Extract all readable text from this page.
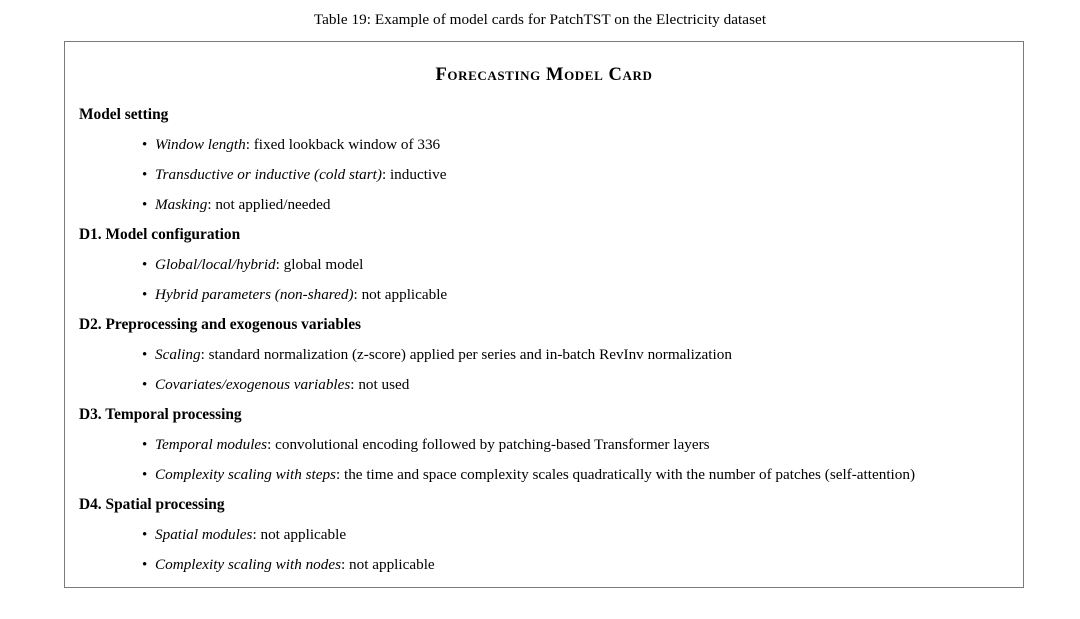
Table 19: Example of model cards for PatchTST on the Electricity dataset
Forecasting Model Card
Model setting
• Window length: fixed lookback window of 336
• Transductive or inductive (cold start): inductive
• Masking: not applied/needed
D1. Model configuration
• Global/local/hybrid: global model
• Hybrid parameters (non-shared): not applicable
D2. Preprocessing and exogenous variables
• Scaling: standard normalization (z-score) applied per series and in-batch RevInv normalization
• Covariates/exogenous variables: not used
D3. Temporal processing
• Temporal modules: convolutional encoding followed by patching-based Transformer layers
• Complexity scaling with steps: the time and space complexity scales quadratically with the number of patches (self-attention)
D4. Spatial processing
• Spatial modules: not applicable
• Complexity scaling with nodes: not applicable
